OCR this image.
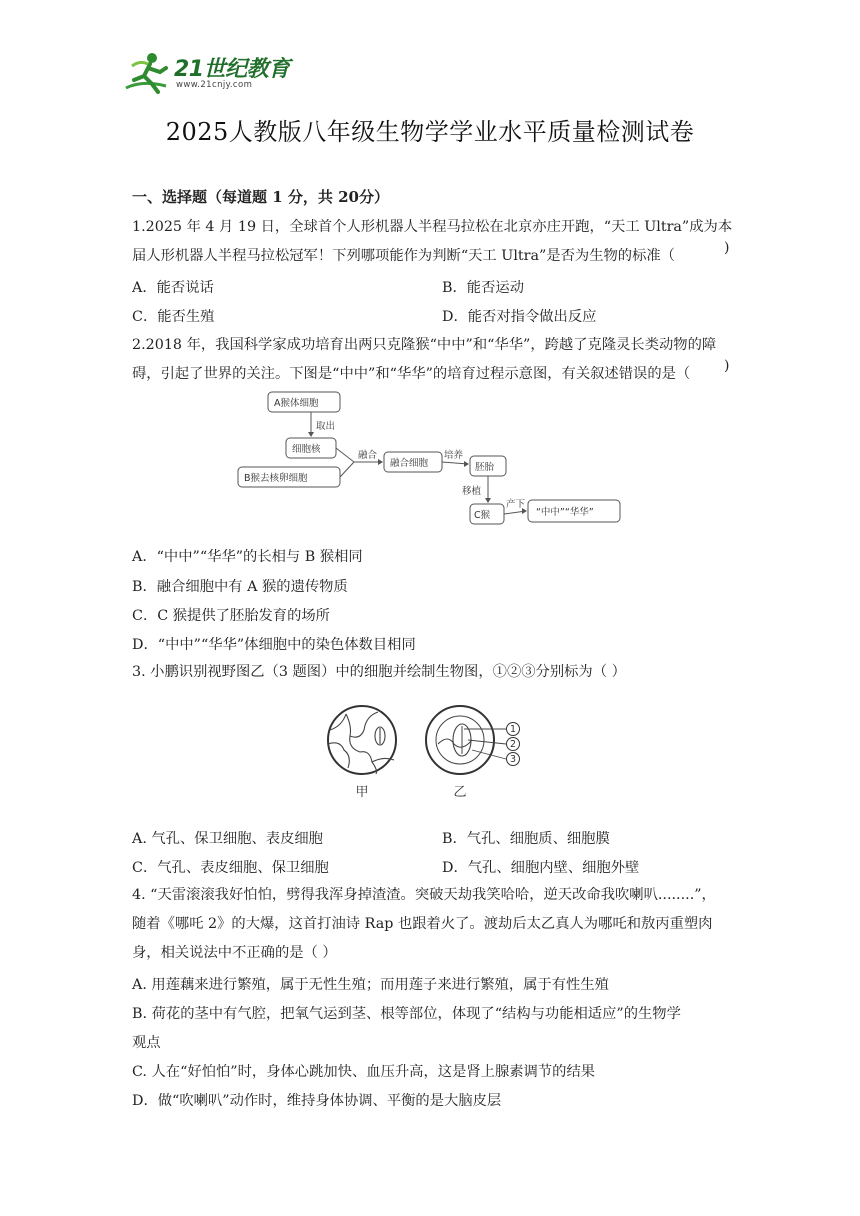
21世纪教育
www.21cnjy.com
2025人教版八年级生物学学业水平质量检测试卷
一、选择题（每道题 1 分，共 20分）
1.2025 年 4 月 19 日，全球首个人形机器人半程马拉松在北京亦庄开跑，“天工 Ultra”成为本
届人形机器人半程马拉松冠军！下列哪项能作为判断“天工 Ultra”是否为生物的标准（	)
A．能否说话	B．能否运动
C．能否生殖	D．能否对指令做出反应
2.2018 年，我国科学家成功培育出两只克隆猴“中中”和“华华”，跨越了克隆灵长类动物的障
碍，引起了世界的关注。下图是“中中”和“华华”的培育过程示意图，有关叙述错误的是（ )
A猴体细胞
取出
细胞核
B猴去核卵细胞
融合
融合细胞
培养
胚胎
移植
C猴
产下
“中中”“华华”
A．“中中”“华华”的长相与 B 猴相同
B．融合细胞中有 A 猴的遗传物质
C．C 猴提供了胚胎发育的场所
D．“中中”“华华”体细胞中的染色体数目相同
3. 小鹏识别视野图乙（3 题图）中的细胞并绘制生物图，①②③分别标为（ ）
1
2
3
甲	乙
A. 气孔、保卫细胞、表皮细胞	B．气孔、细胞质、细胞膜
C．气孔、表皮细胞、保卫细胞	D．气孔、细胞内壁、细胞外壁
4. “天雷滚滚我好怕怕，劈得我浑身掉渣渣。突破天劫我笑哈哈，逆天改命我吹喇叭........”，
随着《哪吒 2》的大爆，这首打油诗 Rap 也跟着火了。渡劫后太乙真人为哪吒和敖丙重塑肉
身，相关说法中不正确的是（ ）
A. 用莲藕来进行繁殖，属于无性生殖；而用莲子来进行繁殖，属于有性生殖
B. 荷花的茎中有气腔，把氧气运到茎、根等部位，体现了“结构与功能相适应”的生物学
观点
C. 人在“好怕怕”时，身体心跳加快、血压升高，这是肾上腺素调节的结果
D．做“吹喇叭”动作时，维持身体协调、平衡的是大脑皮层
